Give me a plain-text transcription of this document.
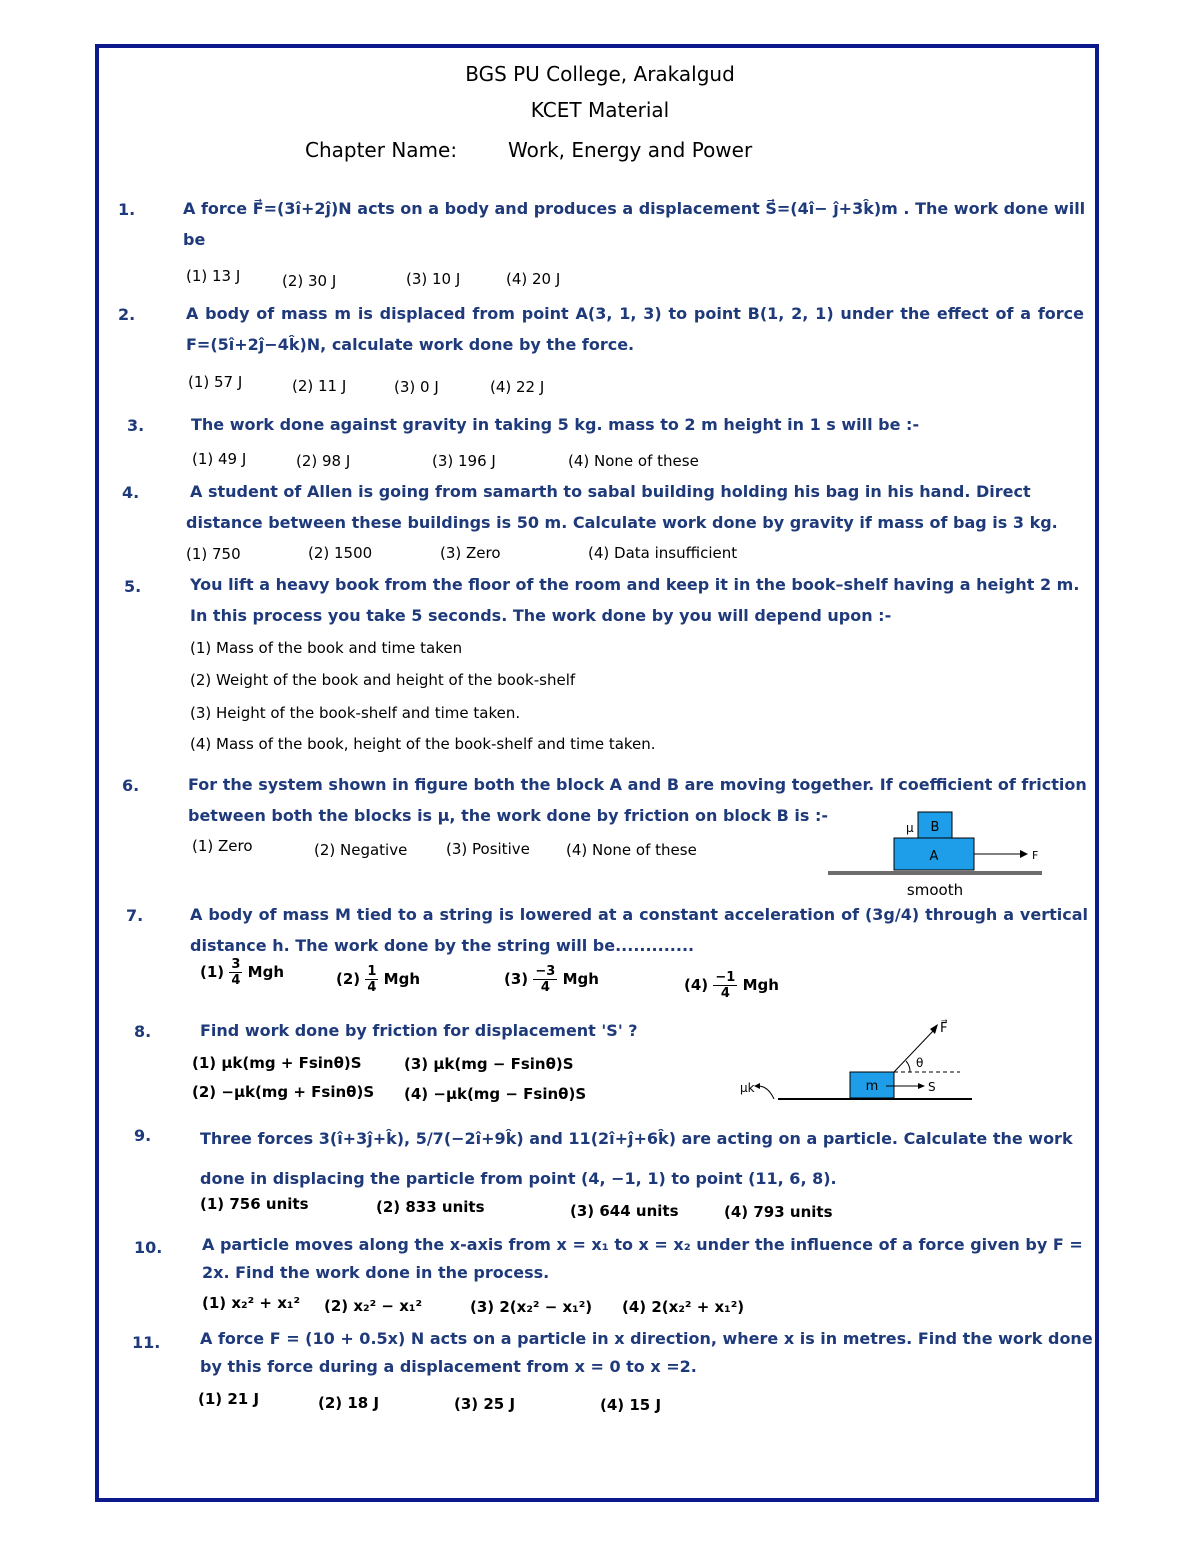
BGS PU College, Arakalgud
KCET Material
Chapter Name:	Work, Energy and Power
1.	A force F⃗=(3î+2ĵ)N acts on a body and produces a displacement S⃗=(4î− ĵ+3k̂)m . The work done will be
(1) 13 J	(2) 30 J	(3) 10 J	(4) 20 J
2.	A body of mass m is displaced from point A(3, 1, 3) to point B(1, 2, 1) under the effect of a force F=(5î+2ĵ−4k̂)N, calculate work done by the force.
(1) 57 J	(2) 11 J	(3) 0 J	(4) 22 J
3.	The work done against gravity in taking 5 kg. mass to 2 m height in 1 s will be :-
(1) 49 J	(2) 98 J	(3) 196 J	(4) None of these
4.	A student of Allen is going from samarth to sabal building holding his bag in his hand. Direct distance between these buildings is 50 m. Calculate work done by gravity if mass of bag is 3 kg.
(1) 750	(2) 1500	(3) Zero	(4) Data insufficient
5.	You lift a heavy book from the floor of the room and keep it in the book–shelf having a height 2 m. In this process you take 5 seconds. The work done by you will depend upon :-
(1) Mass of the book and time taken
(2) Weight of the book and height of the book-shelf
(3) Height of the book-shelf and time taken.
(4) Mass of the book, height of the book-shelf and time taken.
6.	For the system shown in figure both the block A and B are moving together. If coefficient of friction between both the blocks is μ, the work done by friction on block B is :-
(1) Zero	(2) Negative	(3) Positive (4) None of these
B
μ
A	F
smooth
7.	A body of mass M tied to a string is lowered at a constant acceleration of (3g/4) through a vertical distance h. The work done by the string will be.............
$(1) \frac{3}{4}$ Mgh	$(2) \frac{1}{4}$ Mgh	$(3) \frac{-3}{4}$ Mgh	$(4) \frac{-1}{4}$ Mgh
8.	Find work done by friction for displacement 'S' ?
(1) μk(mg + Fsinθ)S	(3) μk(mg − Fsinθ)S
(2) −μk(mg + Fsinθ)S (4) −μk(mg − Fsinθ)S	m
F⃗
θ
S
μk
9.	Three forces 3(î+3ĵ+k̂), 5/7(−2î+9k̂) and 11(2î+ĵ+6k̂) are acting on a particle. Calculate the work done in displacing the particle from point (4, −1, 1) to point (11, 6, 8).
(1) 756 units	(2) 833 units	(3) 644 units	(4) 793 units
10. A particle moves along the x-axis from x = x₁ to x = x₂ under the influence of a force given by F = 2x. Find the work done in the process.
(1) x₂² + x₁² (2) x₂² − x₁²	(3) 2(x₂² − x₁²) (4) 2(x₂² + x₁²)
11. A force F = (10 + 0.5x) N acts on a particle in x direction, where x is in metres. Find the work done by this force during a displacement from x = 0 to x =2.
(1) 21 J	(2) 18 J	(3) 25 J	(4) 15 J
